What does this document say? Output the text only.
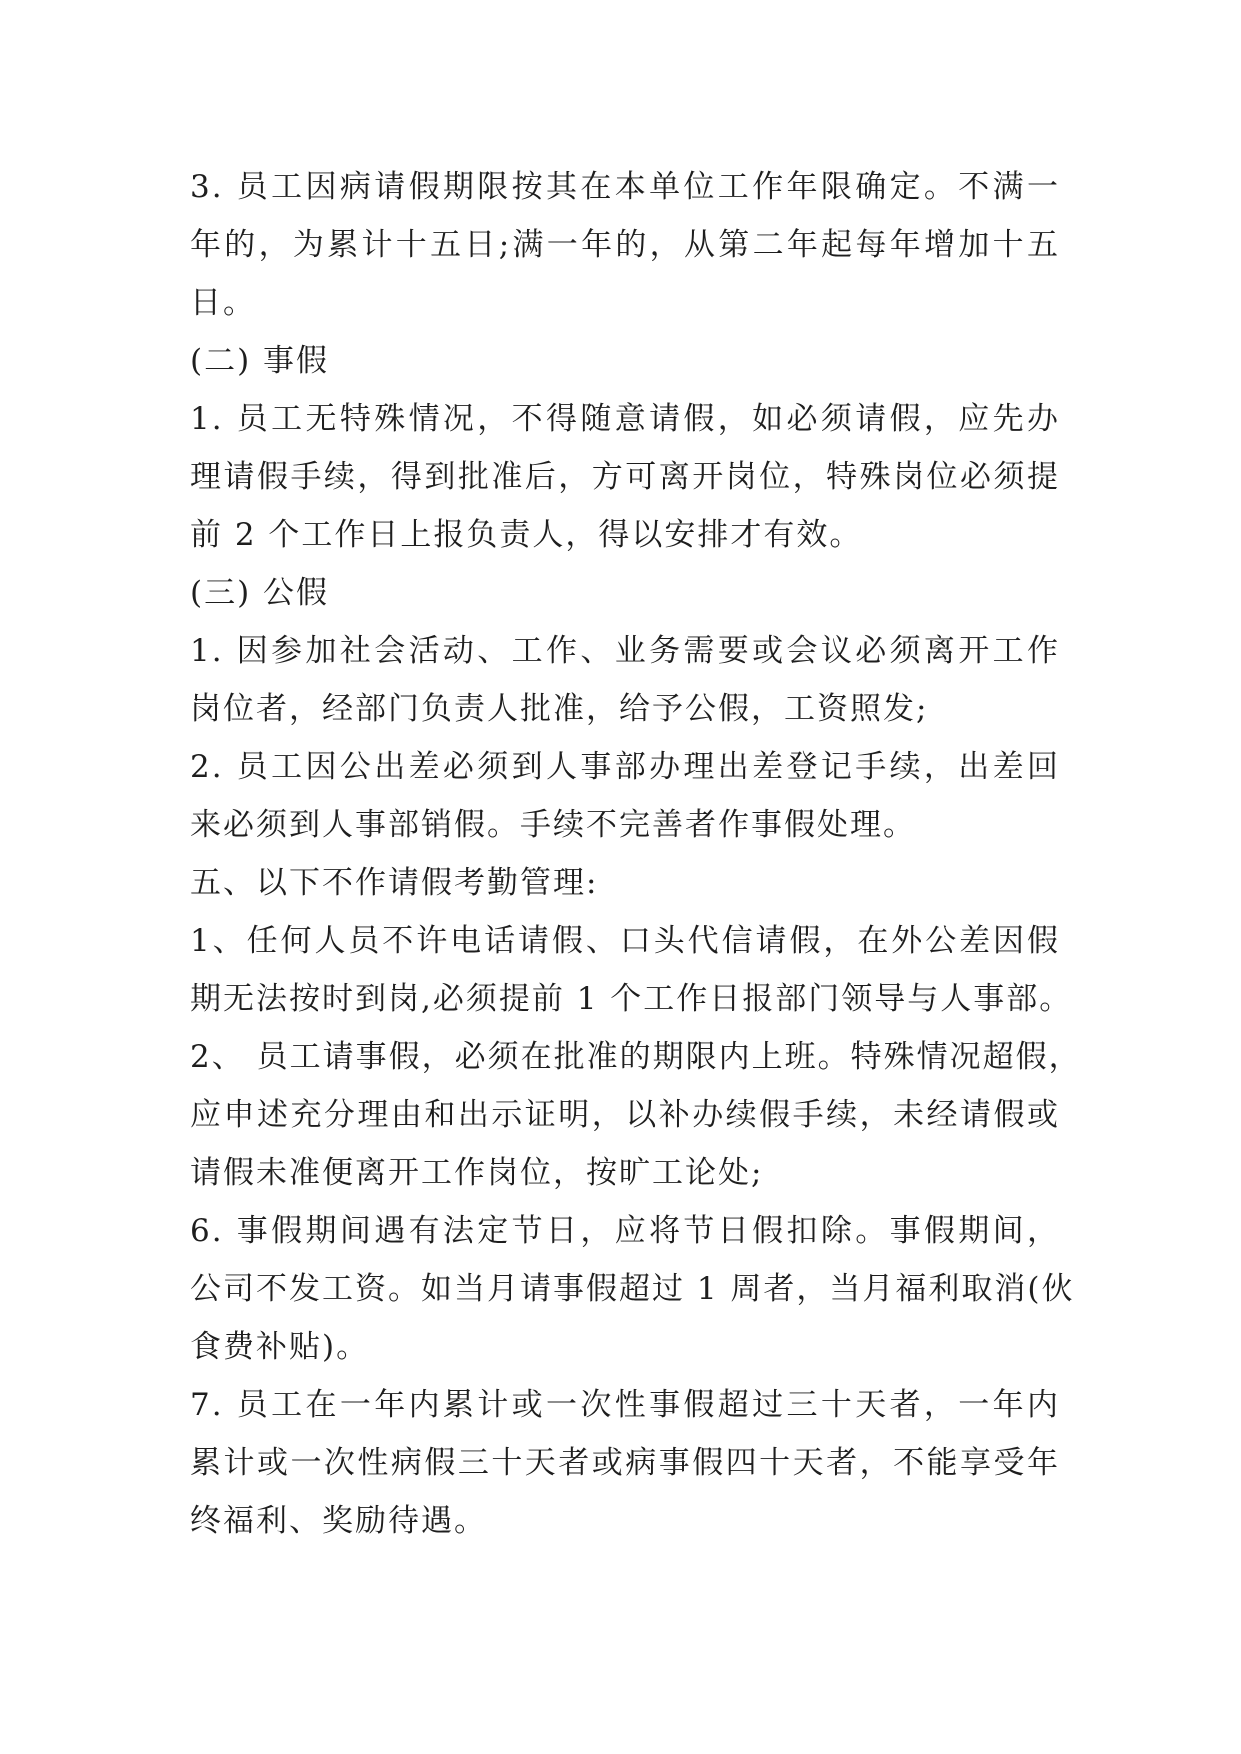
3. 员工因病请假期限按其在本单位工作年限确定。不满一
年的，为累计十五日;满一年的，从第二年起每年增加十五
日。
(二) 事假
1. 员工无特殊情况，不得随意请假，如必须请假，应先办
理请假手续，得到批准后，方可离开岗位，特殊岗位必须提
前 2 个工作日上报负责人，得以安排才有效。
(三) 公假
1. 因参加社会活动、工作、业务需要或会议必须离开工作
岗位者，经部门负责人批准，给予公假，工资照发;
2. 员工因公出差必须到人事部办理出差登记手续，出差回
来必须到人事部销假。手续不完善者作事假处理。
五、以下不作请假考勤管理:
1、任何人员不许电话请假、口头代信请假，在外公差因假
期无法按时到岗,必须提前 1 个工作日报部门领导与人事部。
2、 员工请事假，必须在批准的期限内上班。特殊情况超假，
应申述充分理由和出示证明，以补办续假手续，未经请假或
请假未准便离开工作岗位，按旷工论处;
6. 事假期间遇有法定节日，应将节日假扣除。事假期间，
公司不发工资。如当月请事假超过 1 周者，当月福利取消(伙
食费补贴)。
7. 员工在一年内累计或一次性事假超过三十天者，一年内
累计或一次性病假三十天者或病事假四十天者，不能享受年
终福利、奖励待遇。
